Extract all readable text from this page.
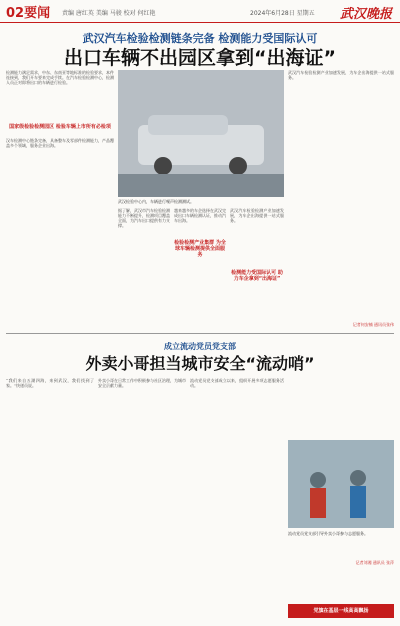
02要闻 责编 唐红英 美编 马骏 校对 何红艳	2024年6月28日 星期五 武汉晚报
武汉汽车检验检测链条完备 检测能力受国际认可
出口车辆不出园区拿到“出海证”
检测能力满足需求，中东、东南亚等地标准的检验要求，本件连接到，我们开车要来完成手续。在汽车检验检测中心，检测人员正对即将出口的车辆进行检验。
国家级检验检测园区 检验车辆上市所有必检项
汉车检测中心链条完备，具备整车及零部件检测能力，产品覆盖多个领域，服务企业出海。
武汉检验中心内，车辆进行噪声检测测试。
据了解，武汉市汽车检验检测能力不断提升，检测项目覆盖全面，为汽车出口提供有力支撑。
越来越多的车企选择在武汉完成出口车辆检测认证，推动汽车出海。
检验检测产业集群 为全球车辆检测提供全面服务
武汉汽车检验检测产业加速发展，为车企出海提供一站式服务。
检测能力受国际认可 助力车企拿到“出海证”
武汉汽车检验检测产业加速发展，为车企出海提供一站式服务。
记者何安楠 通讯员张伟
成立流动党员党支部
外卖小哥担当城市安全“流动哨”
“我们来自五湖四海，来到武汉，我们找到了家。”快递员说。
外卖小哥在日常工作中积极参与社区治理，为城市安全贡献力量。
流动党员党支部成立以来，组织开展多项志愿服务活动。
流动党员党支部引导外卖小哥参与志愿服务。
记者刘湘 通讯员 张萍
党旗在基层一线高高飘扬
